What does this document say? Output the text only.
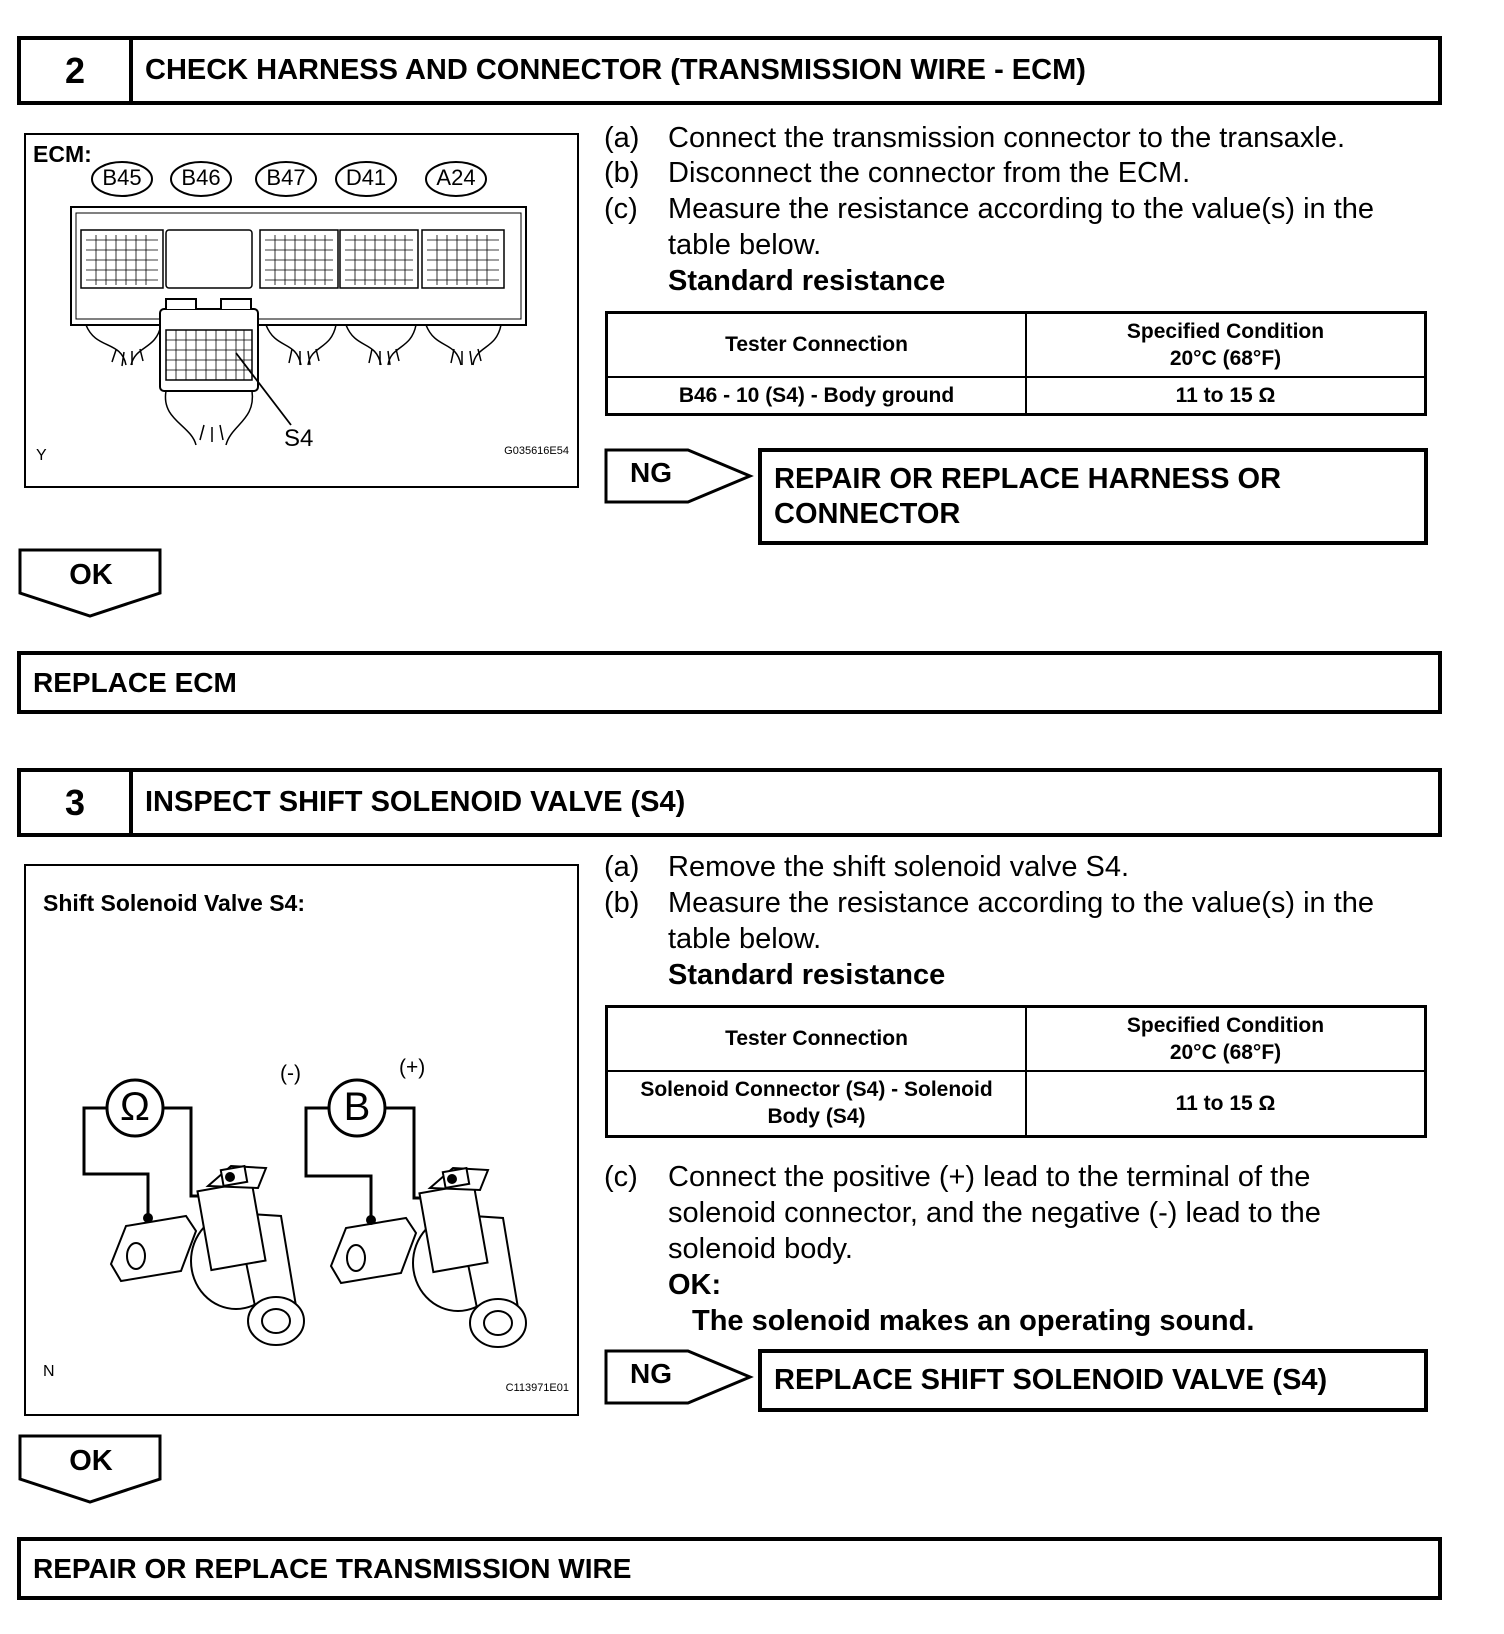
2	CHECK HARNESS AND CONNECTOR (TRANSMISSION WIRE - ECM)
ECM:
B45	B46	B47	D41	A24
S4
Y	G035616E54
(a) Connect the transmission connector to the transaxle.
(b) Disconnect the connector from the ECM.
(c)	Measure the resistance according to the value(s) in the table below.
Standard resistance
Tester Connection	Specified Condition 20°C (68°F)
B46 - 10 (S4) - Body ground	11 to 15 Ω
NG	REPAIR OR REPLACE HARNESS OR CONNECTOR
OK
REPLACE ECM
3	INSPECT SHIFT SOLENOID VALVE (S4)
Shift Solenoid Valve S4:
Ω	B
(-)	(+)
N
C113971E01
(a) Remove the shift solenoid valve S4.
(b) Measure the resistance according to the value(s) in the table below.
Standard resistance
Tester Connection	Specified Condition 20°C (68°F)
Solenoid Connector (S4) - Solenoid Body (S4)	11 to 15 Ω
(c)	Connect the positive (+) lead to the terminal of the solenoid connector, and the negative (-) lead to the solenoid body.
OK:
The solenoid makes an operating sound.
NG	REPLACE SHIFT SOLENOID VALVE (S4)
OK
REPAIR OR REPLACE TRANSMISSION WIRE
